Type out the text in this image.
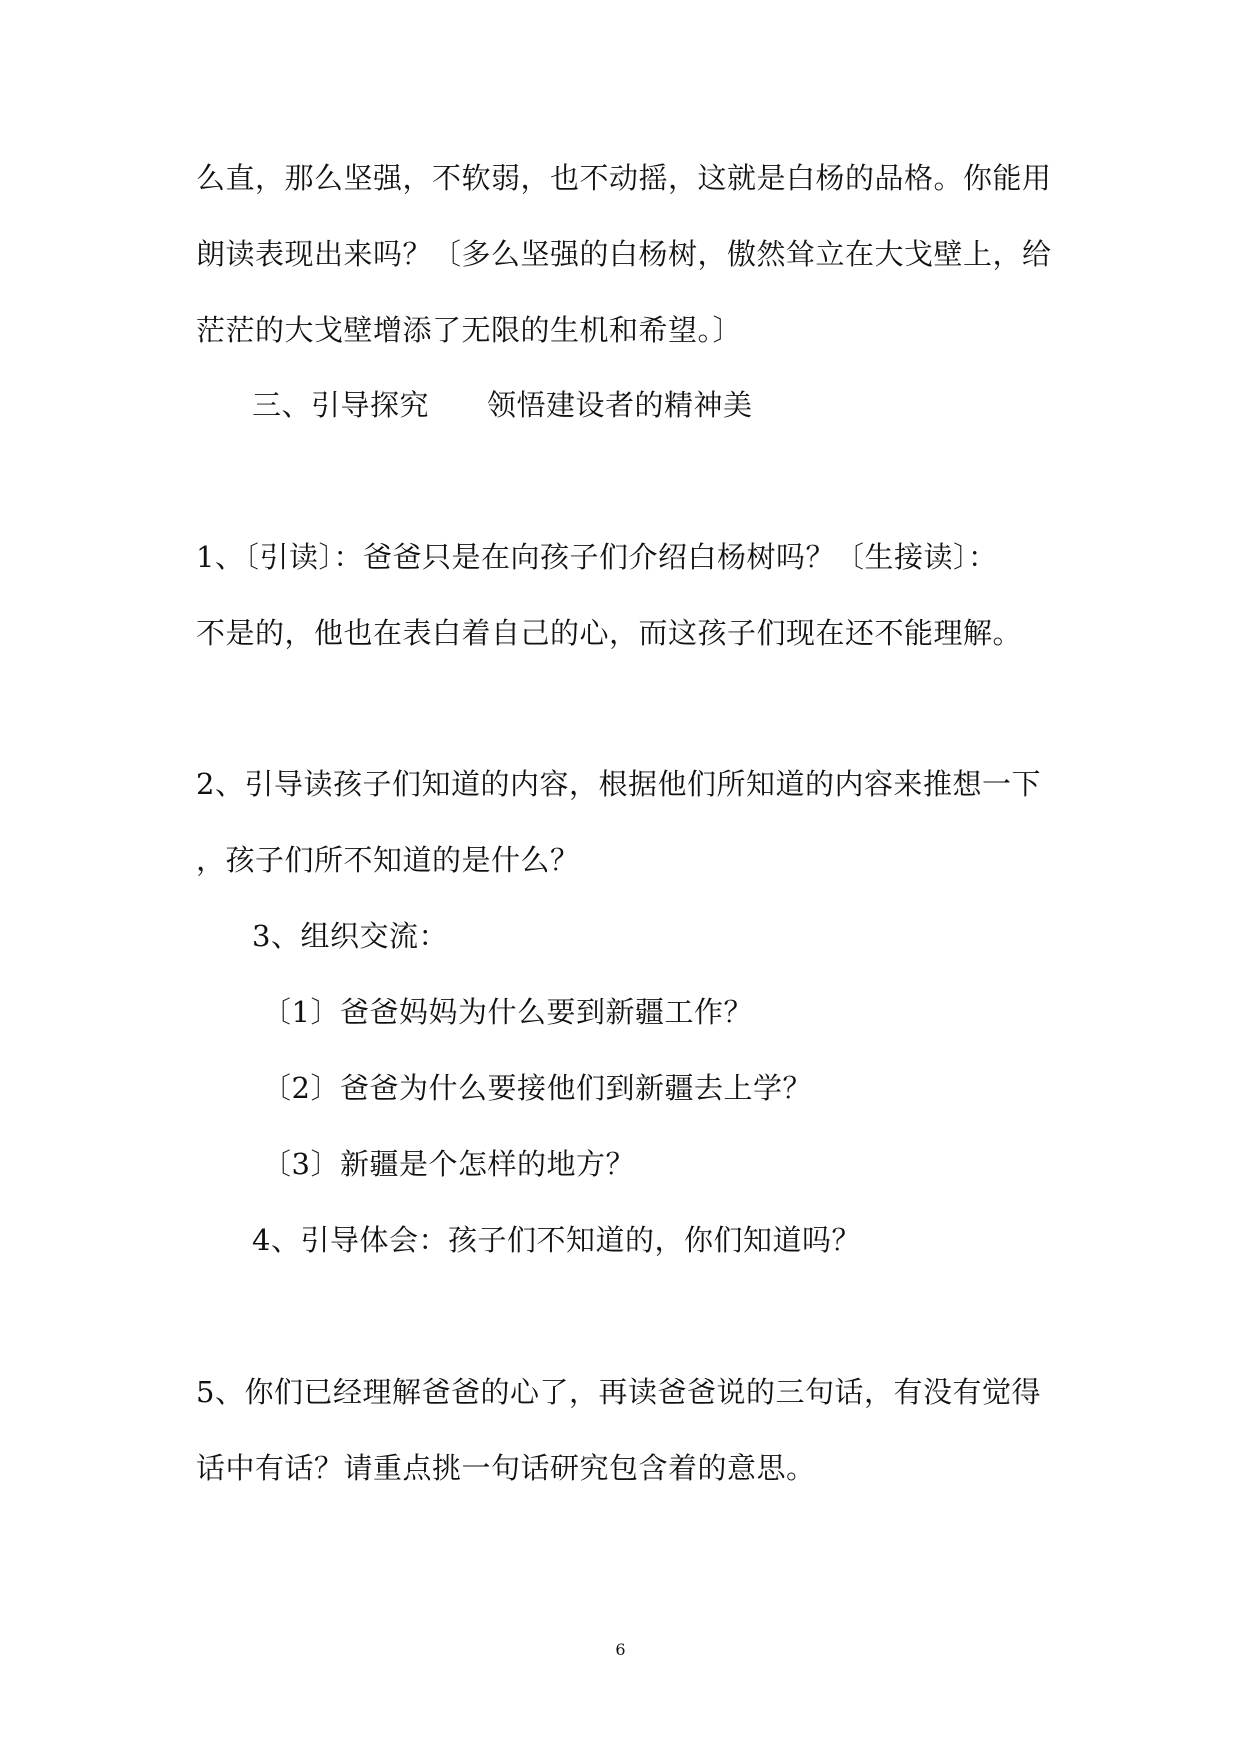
么直，那么坚强，不软弱，也不动摇，这就是白杨的品格。你能用
朗读表现出来吗？〔多么坚强的白杨树，傲然耸立在大戈壁上，给
茫茫的大戈壁增添了无限的生机和希望。〕
三、引导探究 领悟建设者的精神美
1、〔引读〕：爸爸只是在向孩子们介绍白杨树吗？〔生接读〕：
不是的，他也在表白着自己的心，而这孩子们现在还不能理解。
2、引导读孩子们知道的内容，根据他们所知道的内容来推想一下
，孩子们所不知道的是什么？
3、组织交流：
〔1〕爸爸妈妈为什么要到新疆工作？
〔2〕爸爸为什么要接他们到新疆去上学？
〔3〕新疆是个怎样的地方？
4、引导体会：孩子们不知道的，你们知道吗？
5、你们已经理解爸爸的心了，再读爸爸说的三句话，有没有觉得
话中有话？请重点挑一句话研究包含着的意思。
6
